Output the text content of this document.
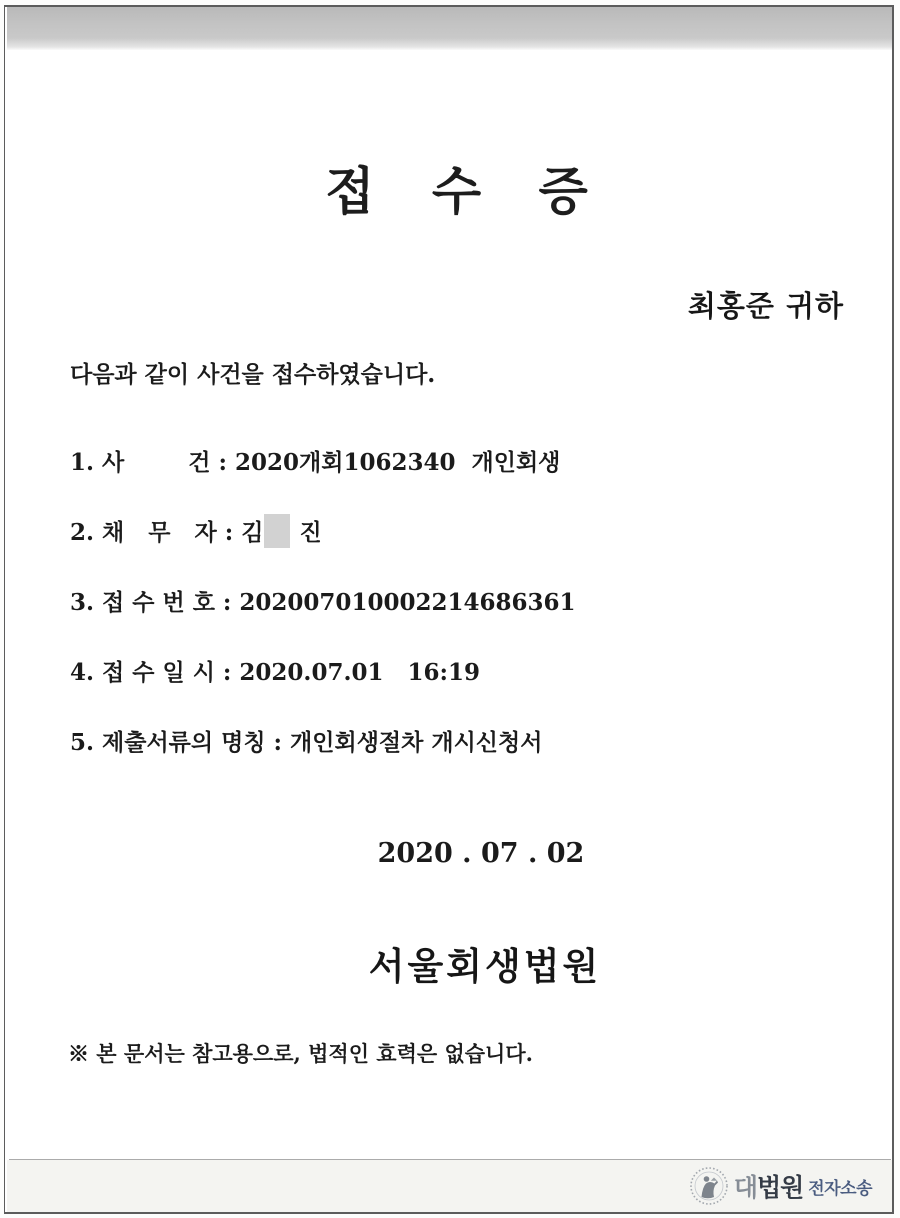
접   수   증
최홍준 귀하
다음과 같이 사건을 접수하였습니다.
1. 사        건 : 2020개회1062340  개인회생
2. 채   무   자 : 김 진
3. 접 수 번 호 : 202007010002214686361
4. 접 수 일 시 : 2020.07.01   16:19
5. 제출서류의 명칭 : 개인회생절차 개시신청서
2020 . 07 . 02
서울회생법원
※ 본 문서는 참고용으로, 법적인 효력은 없습니다.
대 법원 전자소송
